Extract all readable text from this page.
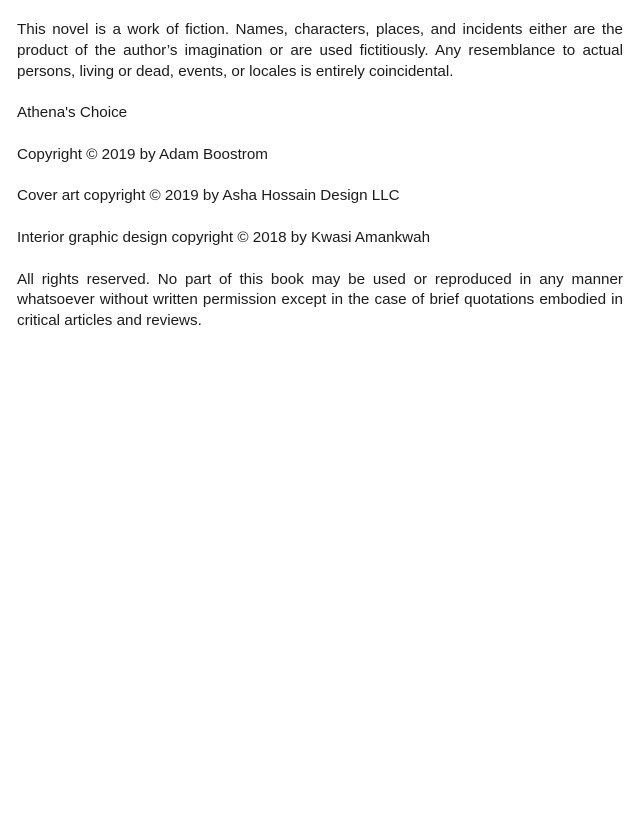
This novel is a work of fiction. Names, characters, places, and incidents either are the product of the author’s imagination or are used fictitiously. Any resemblance to actual persons, living or dead, events, or locales is entirely coincidental.

Athena's Choice

Copyright © 2019 by Adam Boostrom

Cover art copyright © 2019 by Asha Hossain Design LLC

Interior graphic design copyright © 2018 by Kwasi Amankwah

All rights reserved. No part of this book may be used or reproduced in any manner whatsoever without written permission except in the case of brief quotations embodied in critical articles and reviews.
